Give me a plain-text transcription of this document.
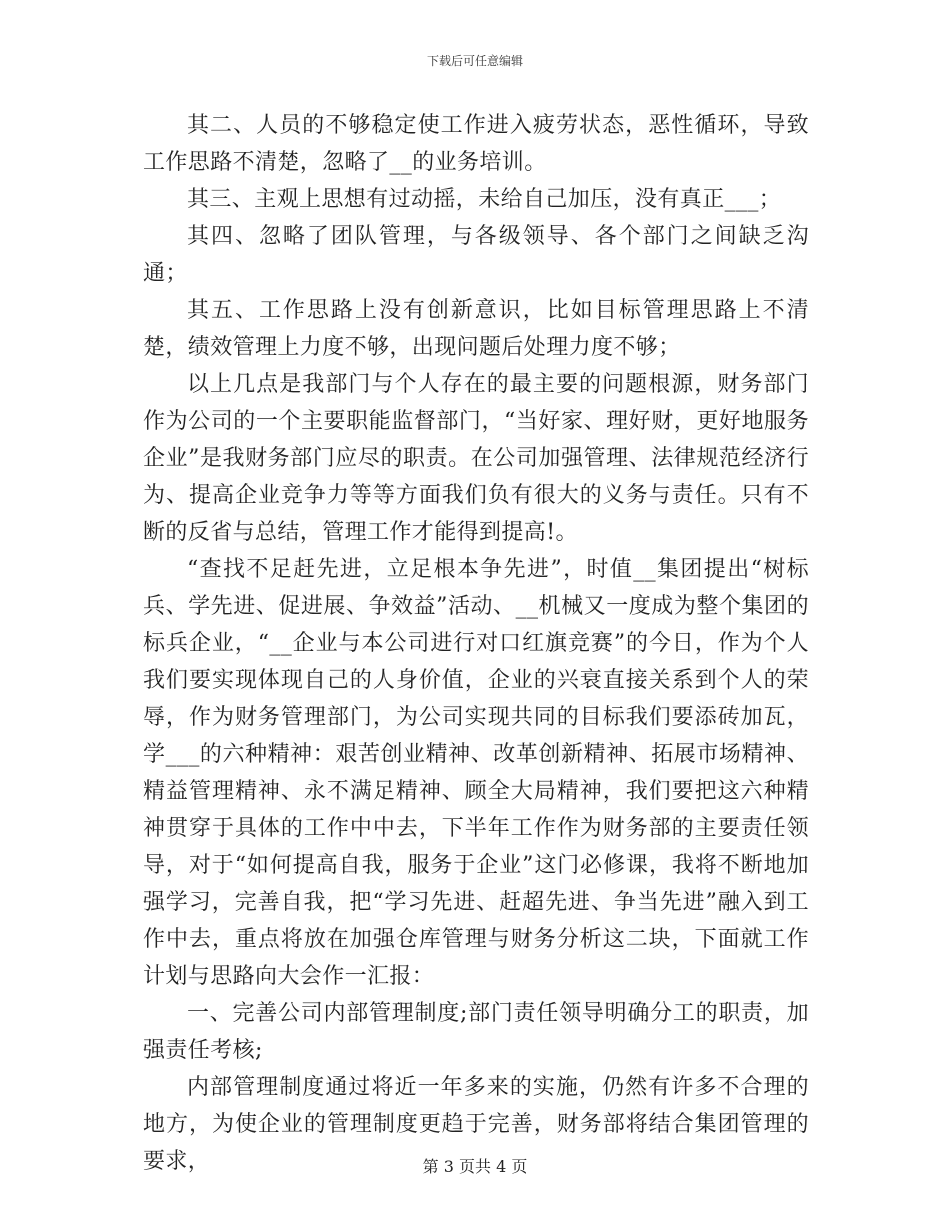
下载后可任意编辑

其二、人员的不够稳定使工作进入疲劳状态，恶性循环，导致工作思路不清楚，忽略了__的业务培训。

其三、主观上思想有过动摇，未给自己加压，没有真正___；

其四、忽略了团队管理，与各级领导、各个部门之间缺乏沟通；

其五、工作思路上没有创新意识，比如目标管理思路上不清楚，绩效管理上力度不够，出现问题后处理力度不够；

以上几点是我部门与个人存在的最主要的问题根源，财务部门作为公司的一个主要职能监督部门，“当好家、理好财，更好地服务企业”是我财务部门应尽的职责。在公司加强管理、法律规范经济行为、提高企业竞争力等等方面我们负有很大的义务与责任。只有不断的反省与总结，管理工作才能得到提高!。

“查找不足赶先进，立足根本争先进”，时值__集团提出“树标兵、学先进、促进展、争效益”活动、__机械又一度成为整个集团的标兵企业，“__企业与本公司进行对口红旗竞赛”的今日，作为个人我们要实现体现自己的人身价值，企业的兴衰直接关系到个人的荣辱，作为财务管理部门，为公司实现共同的目标我们要添砖加瓦，学___的六种精神：艰苦创业精神、改革创新精神、拓展市场精神、精益管理精神、永不满足精神、顾全大局精神，我们要把这六种精神贯穿于具体的工作中中去，下半年工作作为财务部的主要责任领导，对于“如何提高自我，服务于企业”这门必修课，我将不断地加强学习，完善自我，把“学习先进、赶超先进、争当先进”融入到工作中去，重点将放在加强仓库管理与财务分析这二块，下面就工作计划与思路向大会作一汇报：

一、完善公司内部管理制度;部门责任领导明确分工的职责，加强责任考核;

内部管理制度通过将近一年多来的实施，仍然有许多不合理的地方，为使企业的管理制度更趋于完善，财务部将结合集团管理的要求，	第 3 页共 4 页
